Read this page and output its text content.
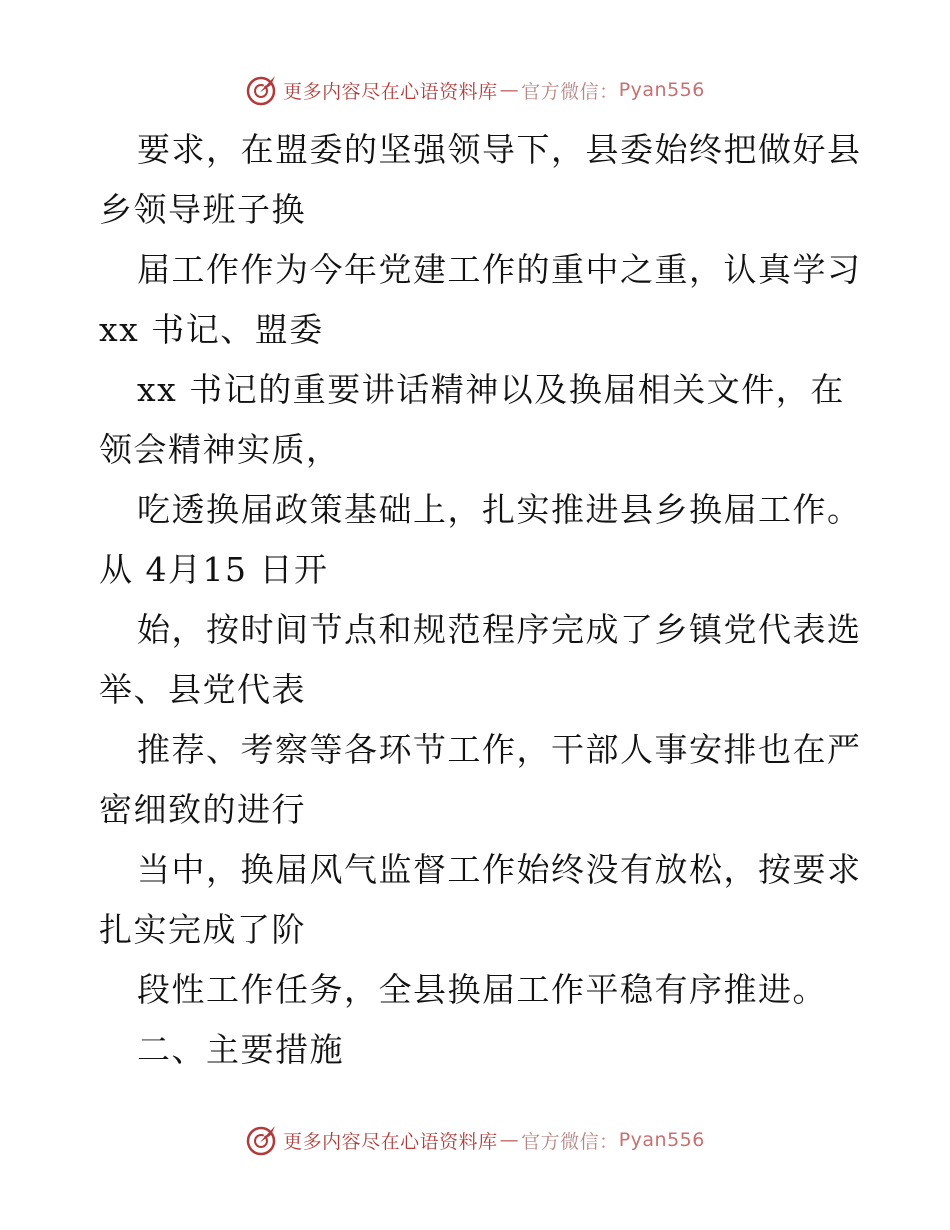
更多内容尽在心语资料库 — 官方微信： Pyan556
要求，在盟委的坚强领导下，县委始终把做好县
乡领导班子换
届工作作为今年党建工作的重中之重，认真学习
xx 书记、盟委
xx 书记的重要讲话精神以及换届相关文件，在
领会精神实质，
吃透换届政策基础上，扎实推进县乡换届工作。
从 4月15 日开
始，按时间节点和规范程序完成了乡镇党代表选
举、县党代表
推荐、考察等各环节工作，干部人事安排也在严
密细致的进行
当中，换届风气监督工作始终没有放松，按要求
扎实完成了阶
段性工作任务，全县换届工作平稳有序推进。
二、主要措施
更多内容尽在心语资料库 — 官方微信： Pyan556
